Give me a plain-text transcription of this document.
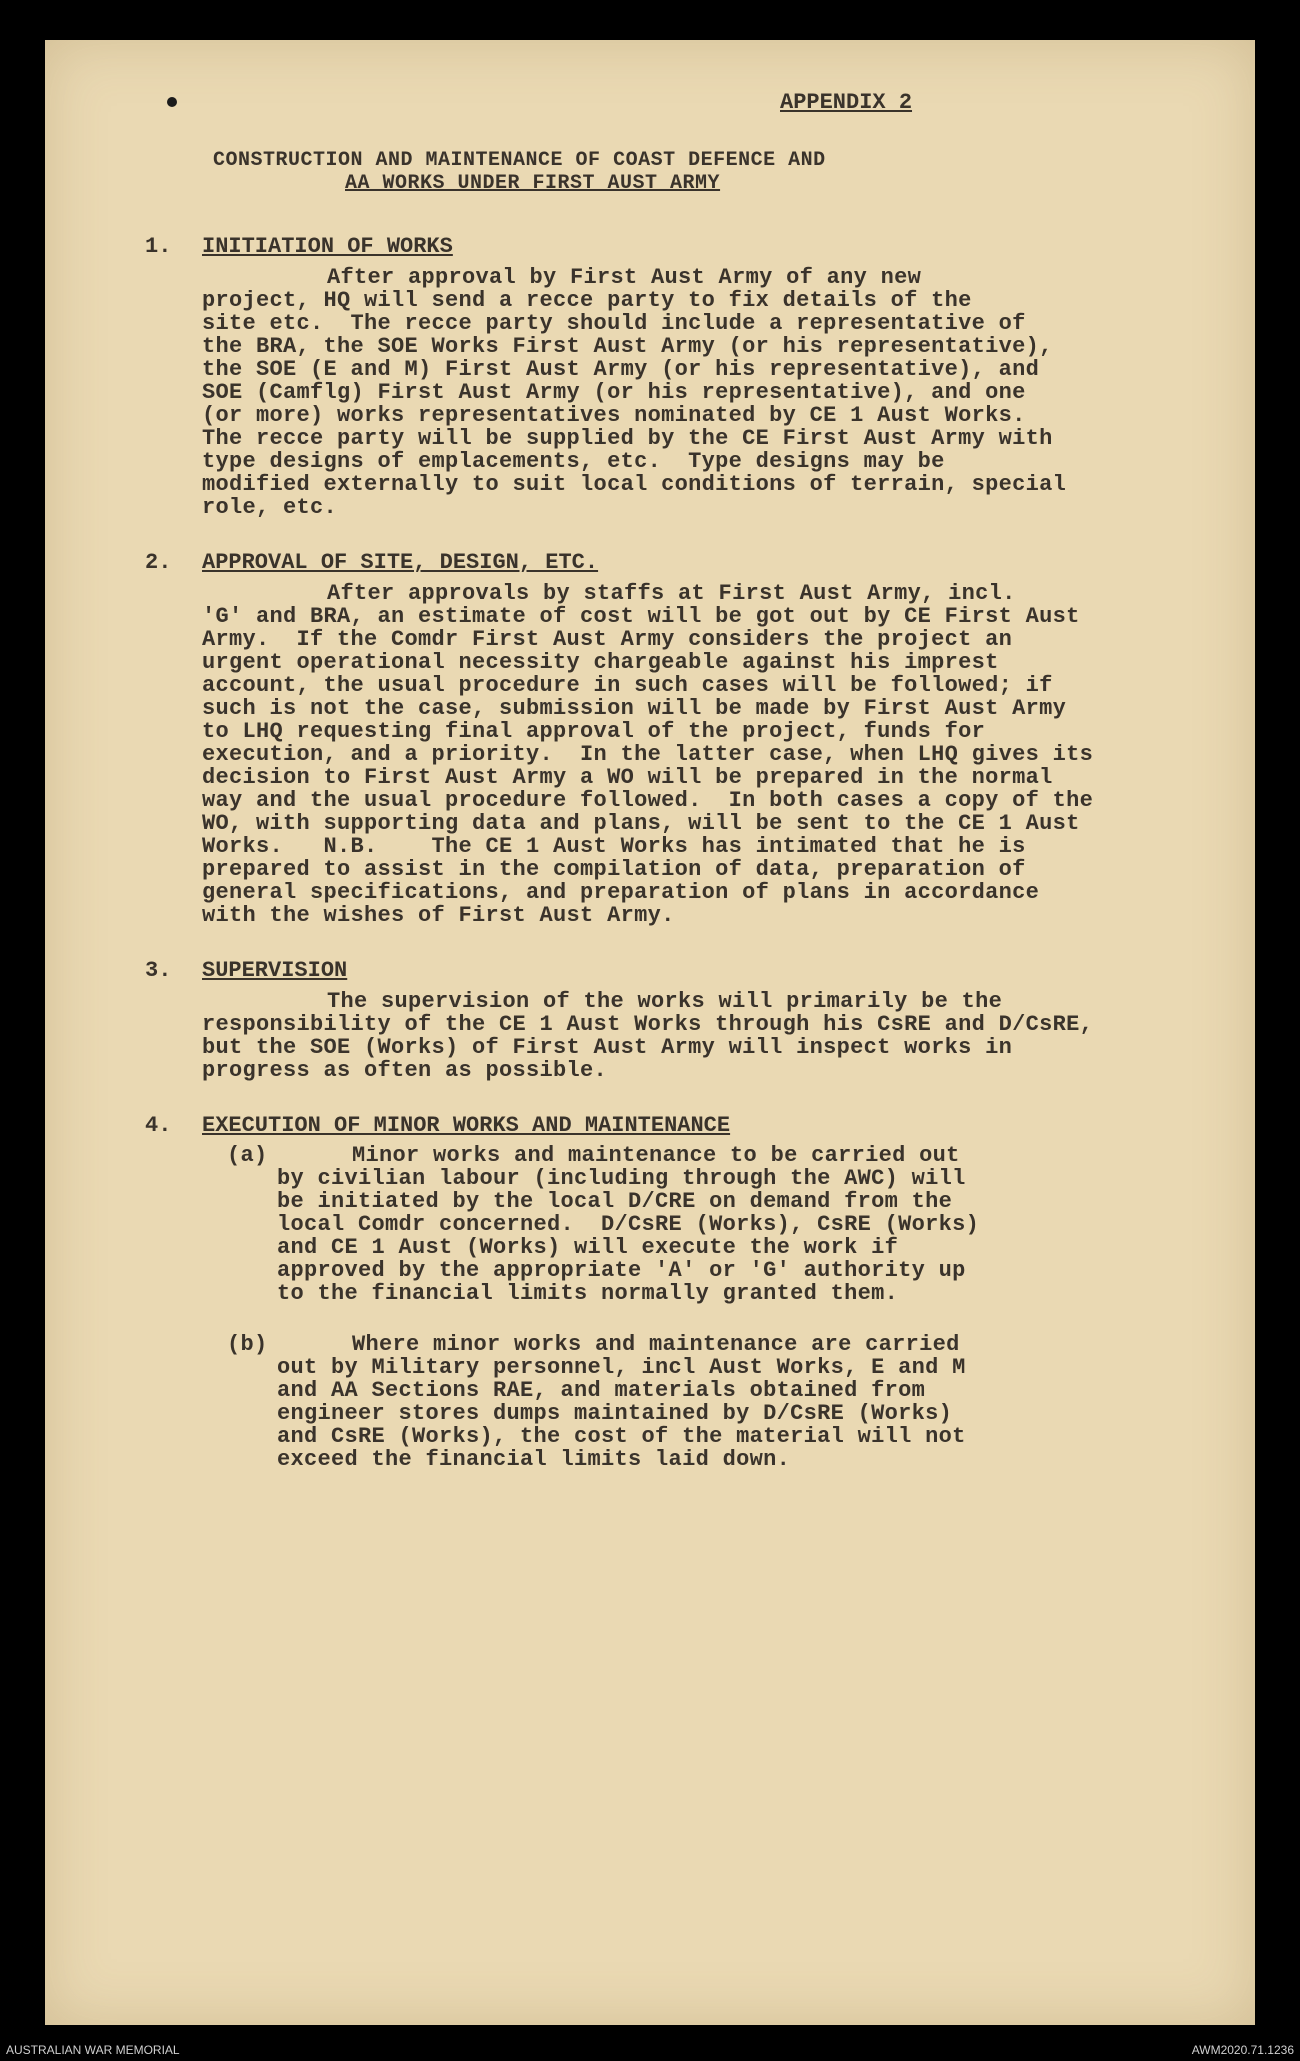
APPENDIX 2
CONSTRUCTION AND MAINTENANCE OF COAST DEFENCE AND
AA WORKS UNDER FIRST AUST ARMY
1. INITIATION OF WORKS
After approval by First Aust Army of any new
project, HQ will send a recce party to fix details of the
site etc.  The recce party should include a representative of
the BRA, the SOE Works First Aust Army (or his representative),
the SOE (E and M) First Aust Army (or his representative), and
SOE (Camflg) First Aust Army (or his representative), and one
(or more) works representatives nominated by CE 1 Aust Works.
The recce party will be supplied by the CE First Aust Army with
type designs of emplacements, etc.  Type designs may be
modified externally to suit local conditions of terrain, special
role, etc.
2. APPROVAL OF SITE, DESIGN, ETC.
After approvals by staffs at First Aust Army, incl.
'G' and BRA, an estimate of cost will be got out by CE First Aust
Army.  If the Comdr First Aust Army considers the project an
urgent operational necessity chargeable against his imprest
account, the usual procedure in such cases will be followed; if
such is not the case, submission will be made by First Aust Army
to LHQ requesting final approval of the project, funds for
execution, and a priority.  In the latter case, when LHQ gives its
decision to First Aust Army a WO will be prepared in the normal
way and the usual procedure followed.  In both cases a copy of the
WO, with supporting data and plans, will be sent to the CE 1 Aust
Works.   N.B.    The CE 1 Aust Works has intimated that he is
prepared to assist in the compilation of data, preparation of
general specifications, and preparation of plans in accordance
with the wishes of First Aust Army.
3. SUPERVISION
The supervision of the works will primarily be the
responsibility of the CE 1 Aust Works through his CsRE and D/CsRE,
but the SOE (Works) of First Aust Army will inspect works in
progress as often as possible.
4. EXECUTION OF MINOR WORKS AND MAINTENANCE
(a)	Minor works and maintenance to be carried out
by civilian labour (including through the AWC) will
be initiated by the local D/CRE on demand from the
local Comdr concerned.  D/CsRE (Works), CsRE (Works)
and CE 1 Aust (Works) will execute the work if
approved by the appropriate 'A' or 'G' authority up
to the financial limits normally granted them.
(b)	Where minor works and maintenance are carried
out by Military personnel, incl Aust Works, E and M
and AA Sections RAE, and materials obtained from
engineer stores dumps maintained by D/CsRE (Works)
and CsRE (Works), the cost of the material will not
exceed the financial limits laid down.
AUSTRALIAN WAR MEMORIAL	AWM2020.71.1236
